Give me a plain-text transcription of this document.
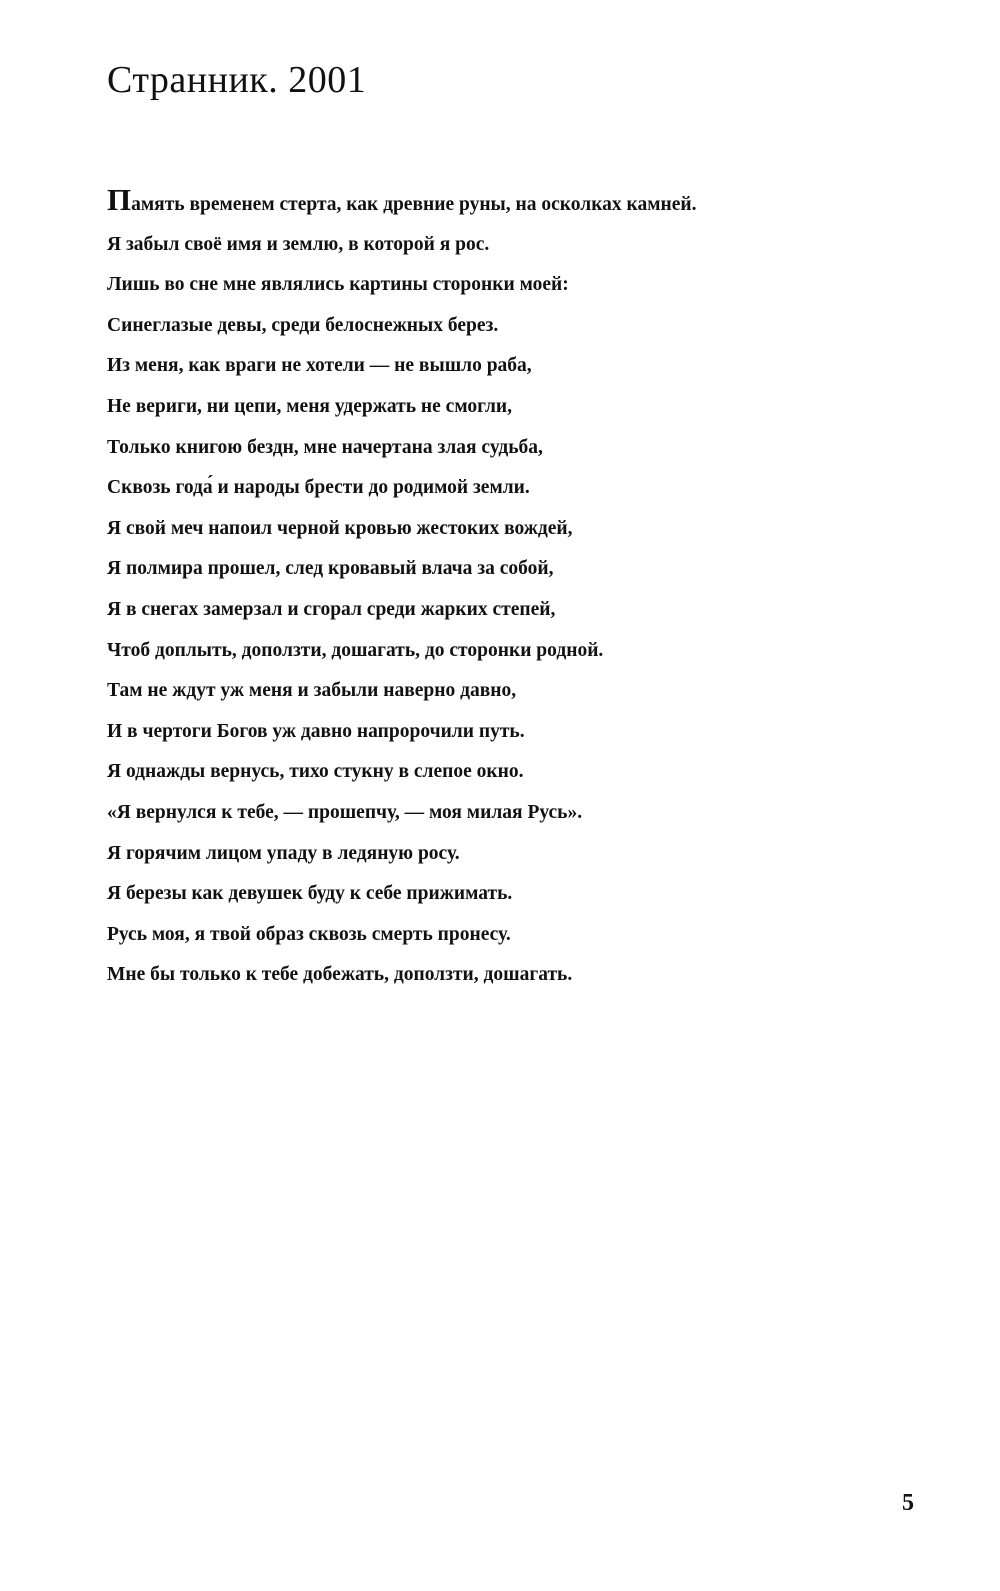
Странник. 2001
Память временем стерта, как древние руны, на осколках камней.
Я забыл своё имя и землю, в которой я рос.
Лишь во сне мне являлись картины сторонки моей:
Синеглазые девы, среди белоснежных берез.
Из меня, как враги не хотели — не вышло раба,
Не вериги, ни цепи, меня удержать не смогли,
Только книгою бездн, мне начертана злая судьба,
Сквозь года́ и народы брести до родимой земли.
Я свой меч напоил черной кровью жестоких вождей,
Я полмира прошел, след кровавый влача за собой,
Я в снегах замерзал и сгорал среди жарких степей,
Чтоб доплыть, доползти, дошагать, до сторонки родной.
Там не ждут уж меня и забыли наверно давно,
И в чертоги Богов уж давно напророчили путь.
Я однажды вернусь, тихо стукну в слепое окно.
«Я вернулся к тебе, — прошепчу, — моя милая Русь».
Я горячим лицом упаду в ледяную росу.
Я березы как девушек буду к себе прижимать.
Русь моя, я твой образ сквозь смерть пронесу.
Мне бы только к тебе добежать, доползти, дошагать.

5
